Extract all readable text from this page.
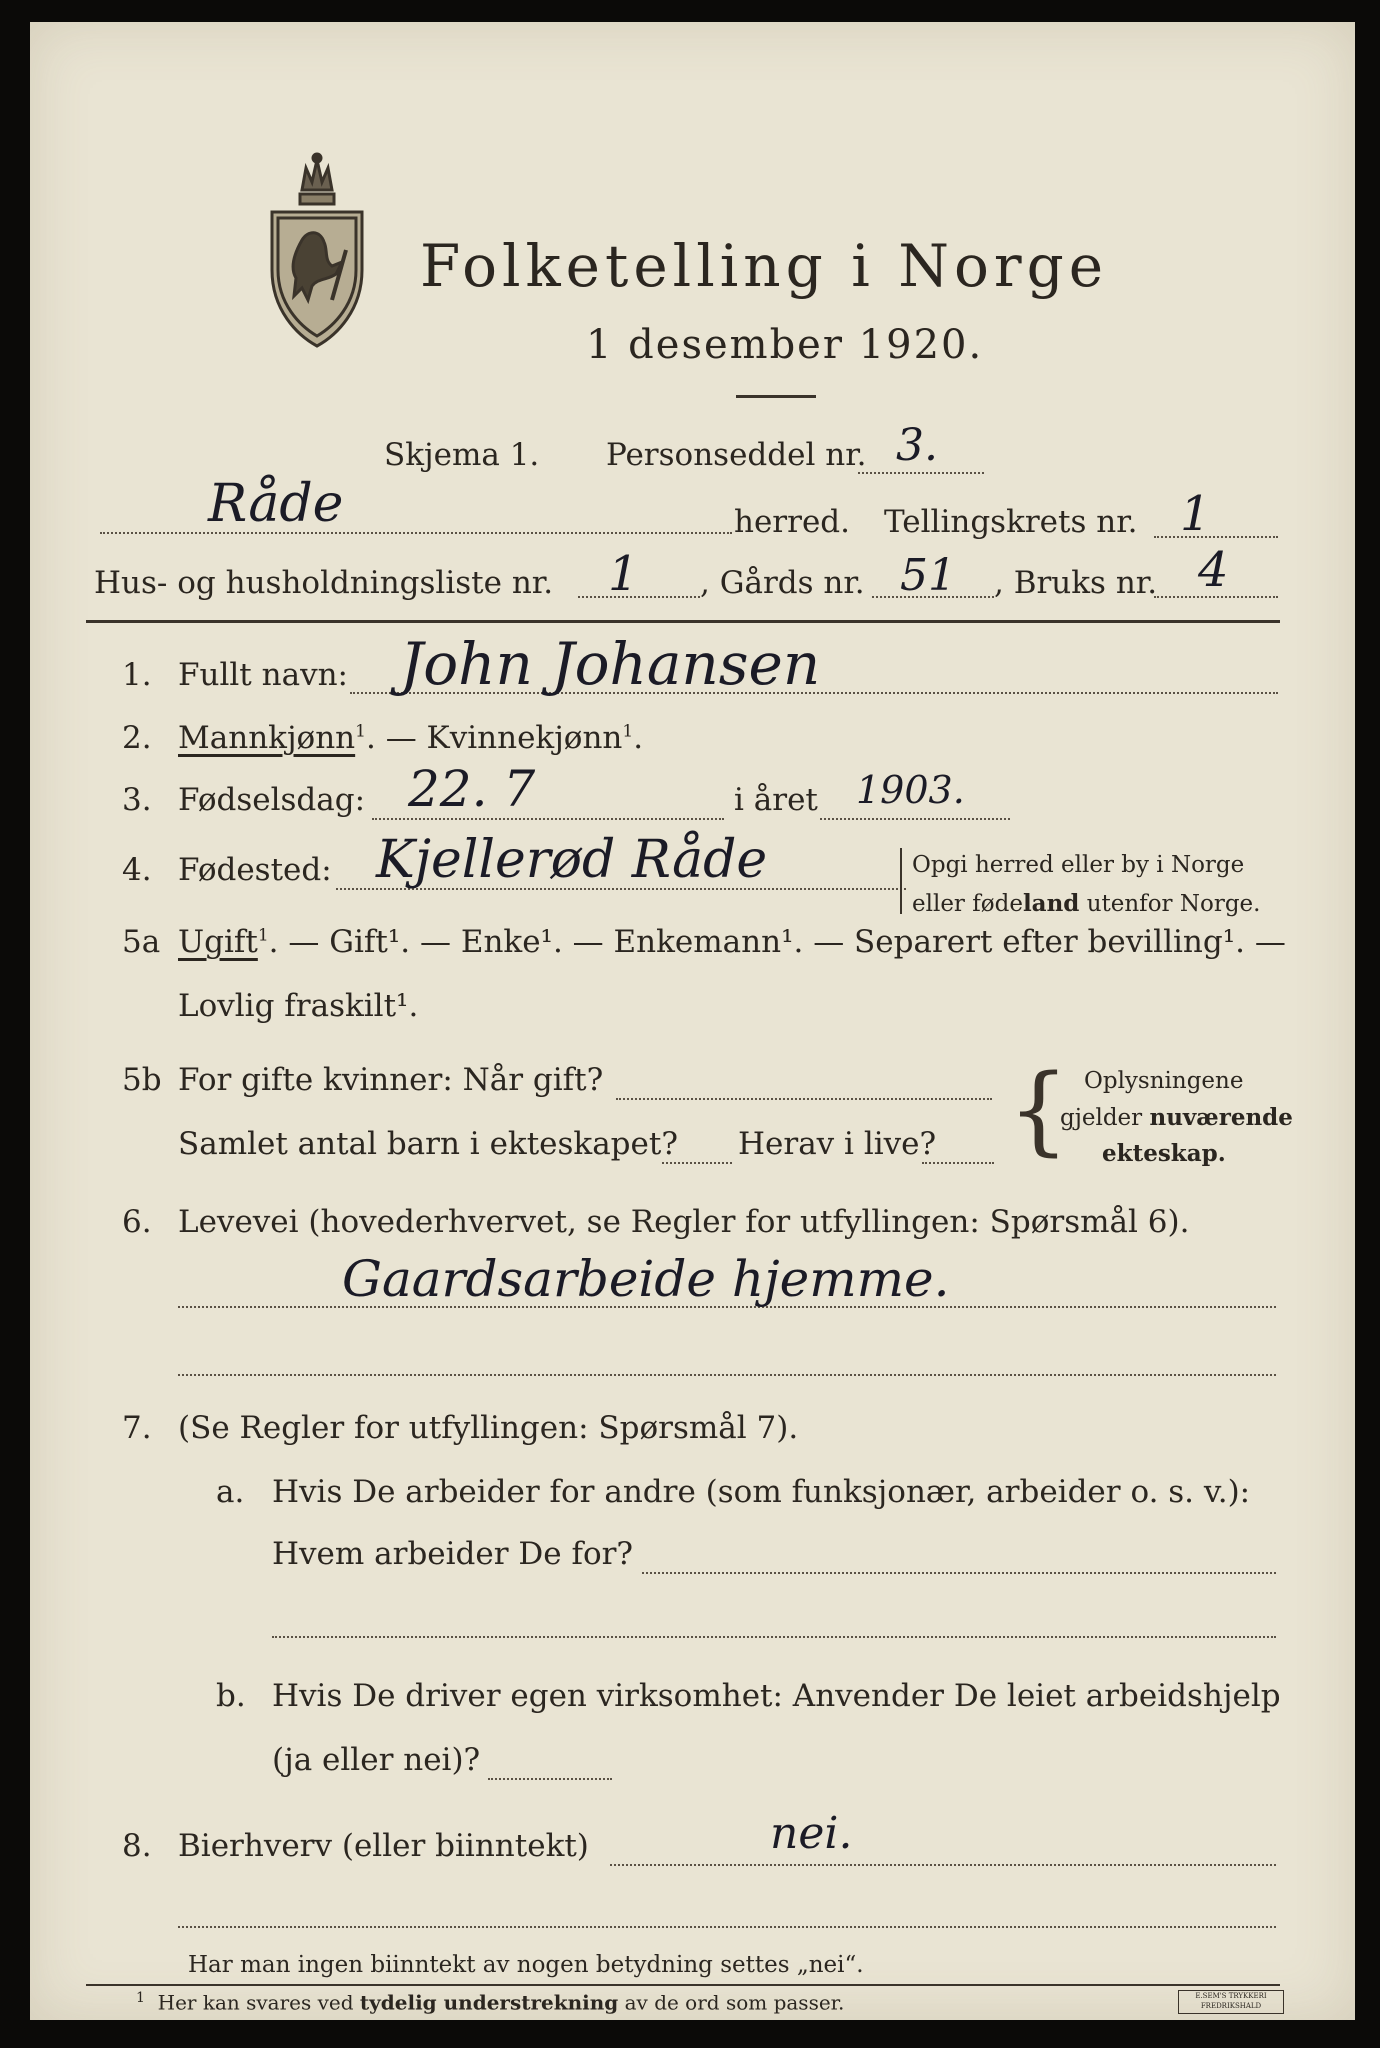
Folketelling i Norge
1 desember 1920.
Skjema 1. Personseddel nr. 3.
Råde	herred. Tellingskrets nr. 1
Hus- og husholdningsliste nr. 1 , Gårds nr. 51 , Bruks nr. 4
1. Fullt navn: John Johansen
2. Mannkjønn$^1$. — Kvinnekjønn$^1$.
3. Fødselsdag: 22. 7	i året 1903.
4. Fødested: Kjellerød Råde	Opgi herred eller by i Norge
eller fødeland utenfor Norge.
5a Ugift$^1$. — Gift¹. — Enke¹. — Enkemann¹. — Separert efter bevilling¹. —
Lovlig fraskilt¹.
5b For gifte kvinner: Når gift?
Samlet antal barn i ekteskapet? Herav i live? { Oplysningene
gjelder nuværende
ekteskap.
6. Levevei (hovederhvervet, se Regler for utfyllingen: Spørsmål 6).
Gaardsarbeide hjemme.
7. (Se Regler for utfyllingen: Spørsmål 7).
a. Hvis De arbeider for andre (som funksjonær, arbeider o. s. v.):
Hvem arbeider De for?
b. Hvis De driver egen virksomhet: Anvender De leiet arbeidshjelp
(ja eller nei)?
8. Bierhverv (eller biinntekt)	nei.
Har man ingen biinntekt av nogen betydning settes „nei“.
$^1$ Her kan svares ved tydelig understrekning av de ord som passer.	E.SEM'S TRYKKERI FREDRIKSHALD
